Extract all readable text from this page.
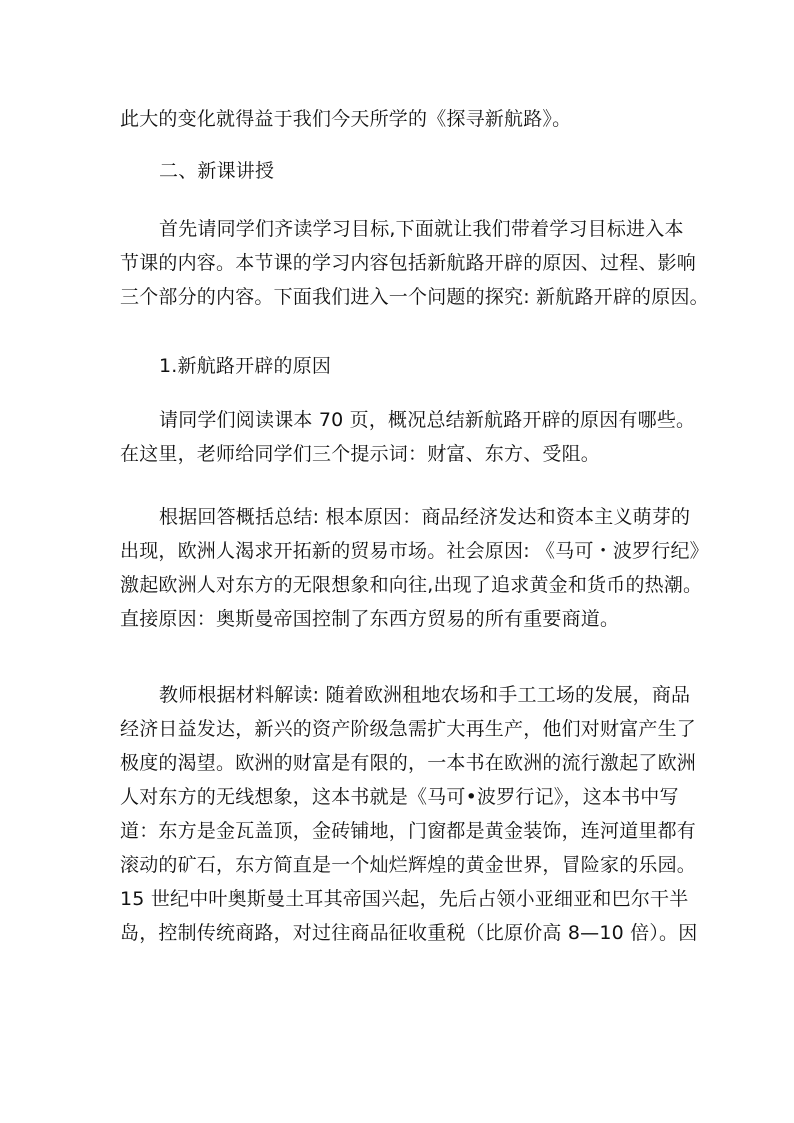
此大的变化就得益于我们今天所学的《探寻新航路》。
二、新课讲授
首先请同学们齐读学习目标,下面就让我们带着学习目标进入本
节课的内容。本节课的学习内容包括新航路开辟的原因、过程、影响
三个部分的内容。下面我们进入一个问题的探究: 新航路开辟的原因。
1.新航路开辟的原因
请同学们阅读课本 70 页，概况总结新航路开辟的原因有哪些。
在这里，老师给同学们三个提示词：财富、东方、受阻。
根据回答概括总结: 根本原因：商品经济发达和资本主义萌芽的
出现，欧洲人渴求开拓新的贸易市场。社会原因: 《马可・波罗行纪》
激起欧洲人对东方的无限想象和向往,出现了追求黄金和货币的热潮。
直接原因：奥斯曼帝国控制了东西方贸易的所有重要商道。
教师根据材料解读: 随着欧洲租地农场和手工工场的发展，商品
经济日益发达，新兴的资产阶级急需扩大再生产，他们对财富产生了
极度的渴望。欧洲的财富是有限的，一本书在欧洲的流行激起了欧洲
人对东方的无线想象，这本书就是《马可•波罗行记》，这本书中写
道：东方是金瓦盖顶，金砖铺地，门窗都是黄金装饰，连河道里都有
滚动的矿石，东方简直是一个灿烂辉煌的黄金世界，冒险家的乐园。
15 世纪中叶奥斯曼土耳其帝国兴起，先后占领小亚细亚和巴尔干半
岛，控制传统商路，对过往商品征收重税（比原价高 8—10 倍）。因
